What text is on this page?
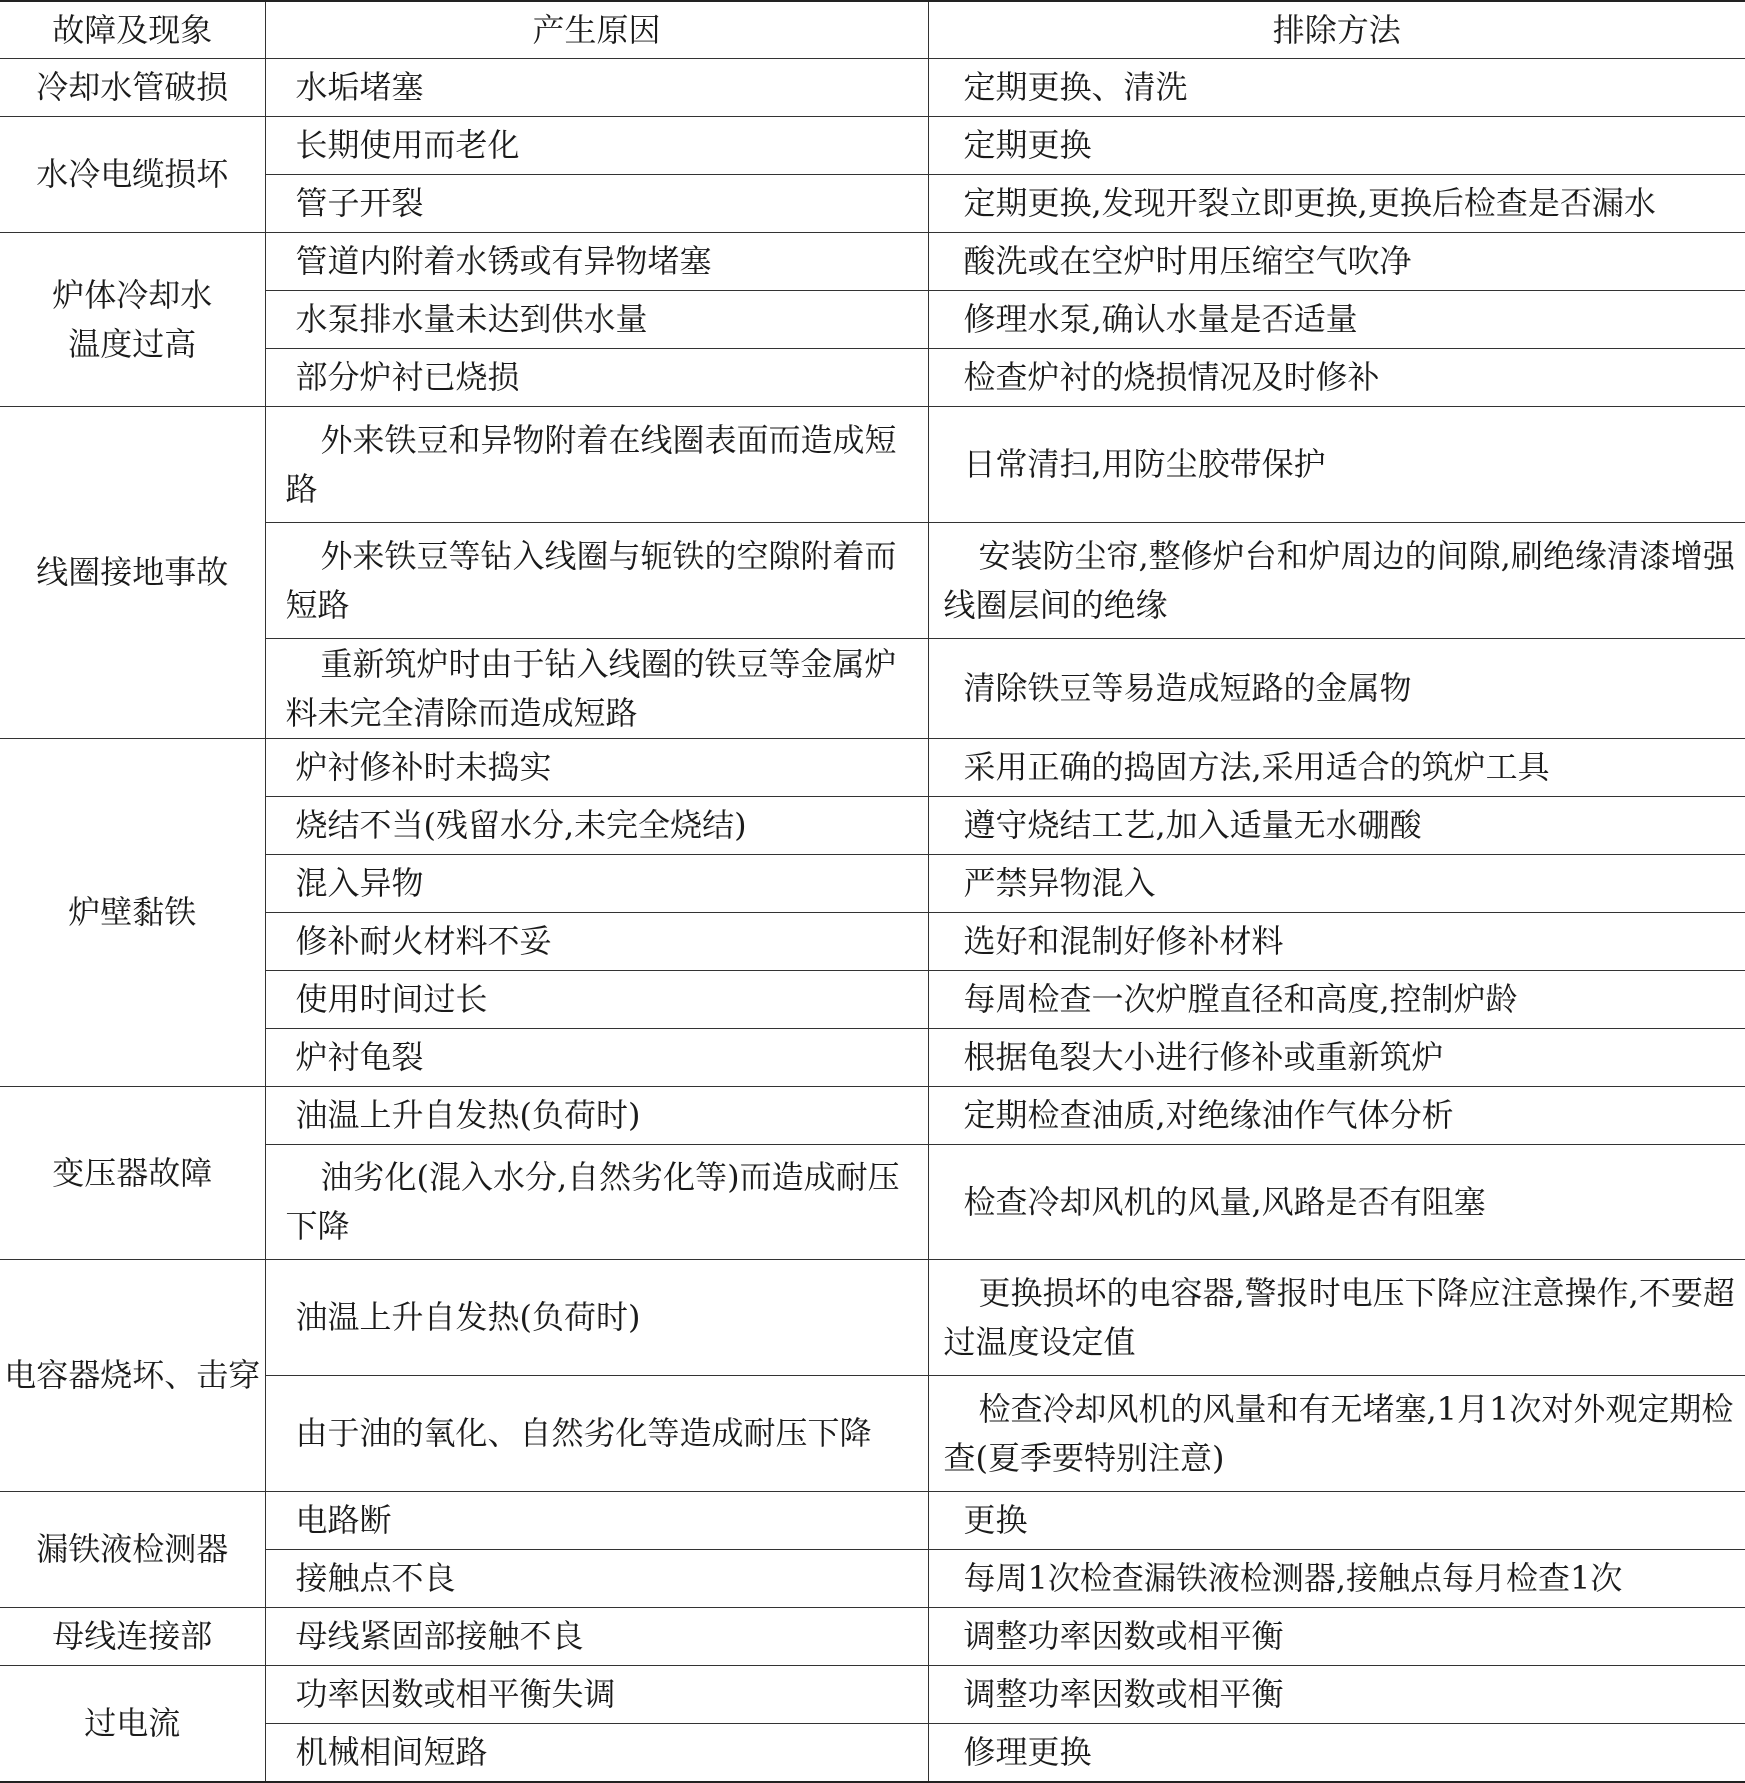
故障及现象	产生原因	排除方法
冷却水管破损	水垢堵塞	定期更换、清洗
水冷电缆损坏	长期使用而老化	定期更换
	管子开裂	定期更换,发现开裂立即更换,更换后检查是否漏水
炉体冷却水温度过高	管道内附着水锈或有异物堵塞	酸洗或在空炉时用压缩空气吹净
	水泵排水量未达到供水量	修理水泵,确认水量是否适量
	部分炉衬已烧损	检查炉衬的烧损情况及时修补
线圈接地事故	外来铁豆和异物附着在线圈表面而造成短路	日常清扫,用防尘胶带保护
	外来铁豆等钻入线圈与轭铁的空隙附着而短路	安装防尘帘,整修炉台和炉周边的间隙,刷绝缘清漆增强线圈层间的绝缘
	重新筑炉时由于钻入线圈的铁豆等金属炉料未完全清除而造成短路	清除铁豆等易造成短路的金属物
炉壁黏铁	炉衬修补时未捣实	采用正确的捣固方法,采用适合的筑炉工具
	烧结不当(残留水分,未完全烧结)	遵守烧结工艺,加入适量无水硼酸
	混入异物	严禁异物混入
	修补耐火材料不妥	选好和混制好修补材料
	使用时间过长	每周检查一次炉膛直径和高度,控制炉龄
	炉衬龟裂	根据龟裂大小进行修补或重新筑炉
变压器故障	油温上升自发热(负荷时)	定期检查油质,对绝缘油作气体分析
	油劣化(混入水分,自然劣化等)而造成耐压下降	检查冷却风机的风量,风路是否有阻塞
电容器烧坏、击穿	油温上升自发热(负荷时)	更换损坏的电容器,警报时电压下降应注意操作,不要超过温度设定值
	由于油的氧化、自然劣化等造成耐压下降	检查冷却风机的风量和有无堵塞,1月1次对外观定期检查(夏季要特别注意)
漏铁液检测器	电路断	更换
	接触点不良	每周1次检查漏铁液检测器,接触点每月检查1次
母线连接部	母线紧固部接触不良	调整功率因数或相平衡
过电流	功率因数或相平衡失调	调整功率因数或相平衡
	机械相间短路	修理更换
